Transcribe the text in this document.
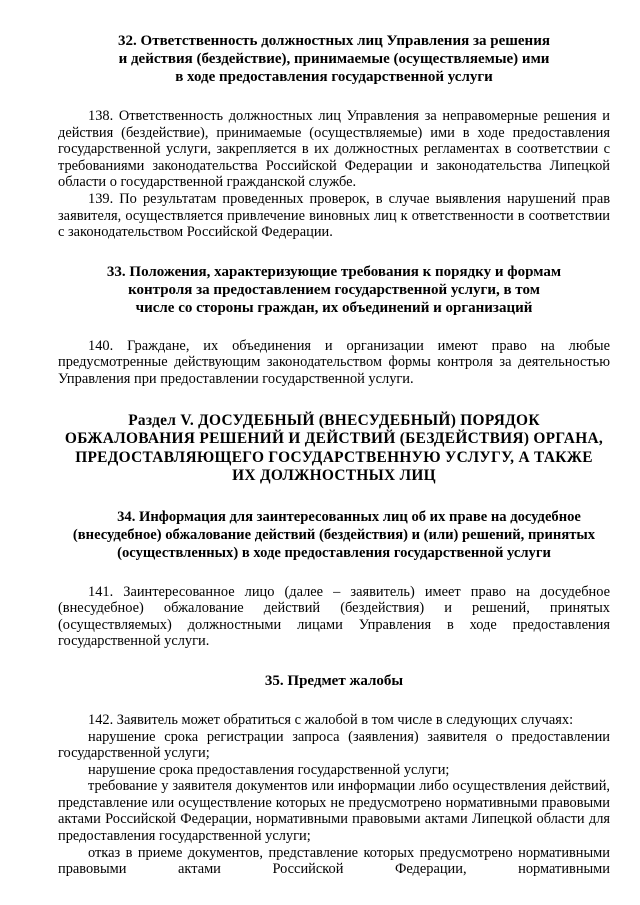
32. Ответственность должностных лиц Управления за решения
и действия (бездействие), принимаемые (осуществляемые) ими
в ходе предоставления государственной услуги

138. Ответственность должностных лиц Управления за неправомерные решения и действия (бездействие), принимаемые (осуществляемые) ими в ходе предоставления государственной услуги, закрепляется в их должностных регламентах в соответствии с требованиями законодательства Российской Федерации и законодательства Липецкой области о государственной гражданской службе.

139. По результатам проведенных проверок, в случае выявления нарушений прав заявителя, осуществляется привлечение виновных лиц к ответственности в соответствии с законодательством Российской Федерации.

33. Положения, характеризующие требования к порядку и формам
контроля за предоставлением государственной услуги, в том
числе со стороны граждан, их объединений и организаций

140. Граждане, их объединения и организации имеют право на любые предусмотренные действующим законодательством формы контроля за деятельностью Управления при предоставлении государственной услуги.

Раздел V. ДОСУДЕБНЫЙ (ВНЕСУДЕБНЫЙ) ПОРЯДОК
ОБЖАЛОВАНИЯ РЕШЕНИЙ И ДЕЙСТВИЙ (БЕЗДЕЙСТВИЯ) ОРГАНА,
ПРЕДОСТАВЛЯЮЩЕГО ГОСУДАРСТВЕННУЮ УСЛУГУ, А ТАКЖЕ
ИХ ДОЛЖНОСТНЫХ ЛИЦ
34. Информация для заинтересованных лиц об их праве на досудебное
(внесудебное) обжалование действий (бездействия) и (или) решений, принятых
(осуществленных) в ходе предоставления государственной услуги

141. Заинтересованное лицо (далее – заявитель) имеет право на досудебное (внесудебное) обжалование действий (бездействия) и решений, принятых (осуществляемых) должностными лицами Управления в ходе предоставления государственной услуги.

35. Предмет жалобы

142. Заявитель может обратиться с жалобой в том числе в следующих случаях:

нарушение срока регистрации запроса (заявления) заявителя о предоставлении государственной услуги;

нарушение срока предоставления государственной услуги;

требование у заявителя документов или информации либо осуществления действий, представление или осуществление которых не предусмотрено нормативными правовыми актами Российской Федерации, нормативными правовыми актами Липецкой области для предоставления государственной услуги;

отказ в приеме документов, представление которых предусмотрено нормативными правовыми актами Российской Федерации, нормативными
